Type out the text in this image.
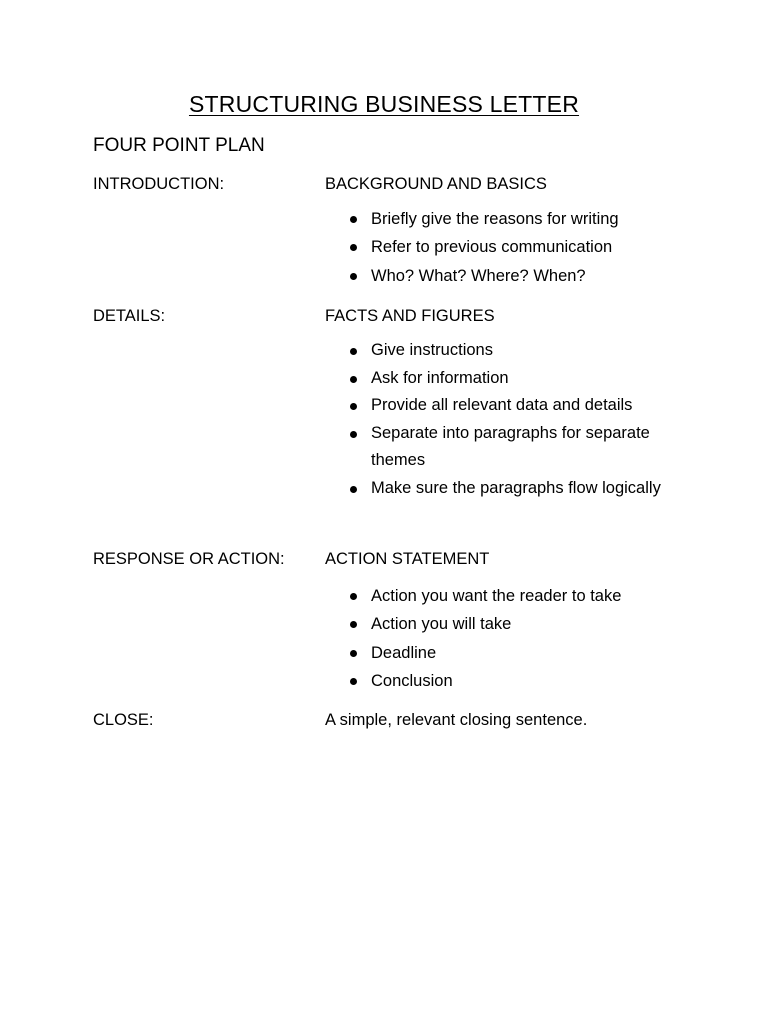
STRUCTURING BUSINESS LETTER
FOUR POINT PLAN
INTRODUCTION:	BACKGROUND AND BASICS
Briefly give the reasons for writing
Refer to previous communication
Who? What? Where? When?
DETAILS:	FACTS AND FIGURES
Give instructions
Ask for information
Provide all relevant data and details
Separate into paragraphs for separate themes
Make sure the paragraphs flow logically
RESPONSE OR ACTION: ACTION STATEMENT
Action you want the reader to take
Action you will take
Deadline
Conclusion
CLOSE:	A simple, relevant closing sentence.
